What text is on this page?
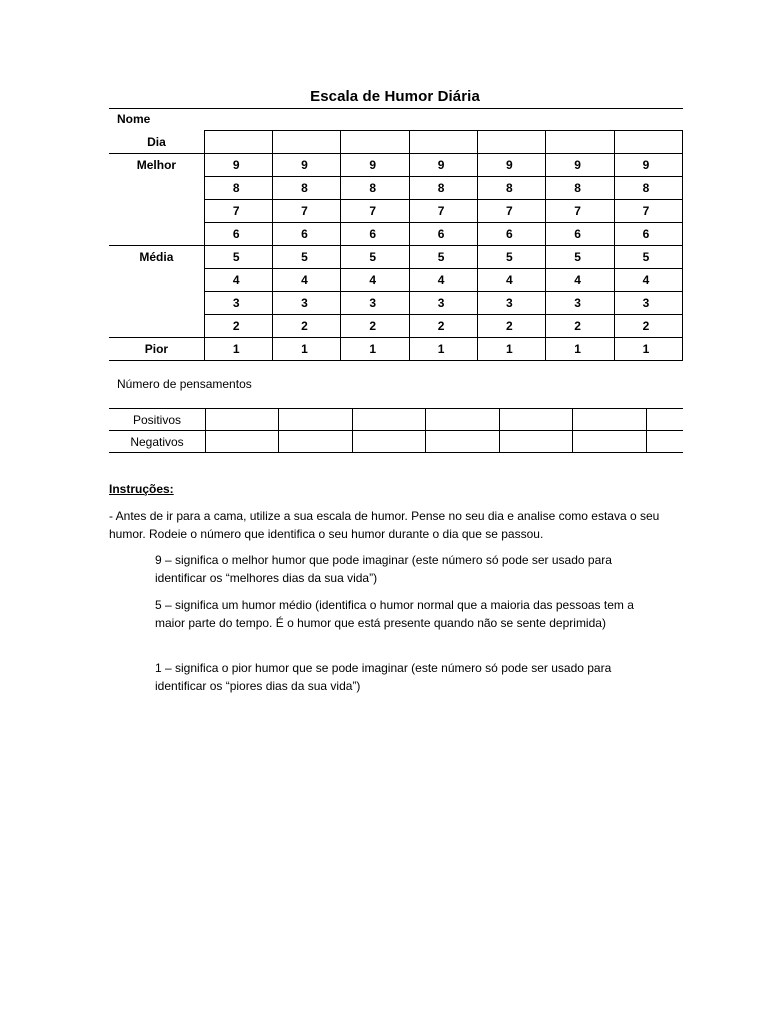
Escala de Humor Diária
Nome
Dia							
Melhor	9	9	9	9	9	9	9
	8	8	8	8	8	8	8
	7	7	7	7	7	7	7
	6	6	6	6	6	6	6
Média	5	5	5	5	5	5	5
	4	4	4	4	4	4	4
	3	3	3	3	3	3	3
	2	2	2	2	2	2	2
Pior	1	1	1	1	1	1	1
Número de pensamentos
Positivos							
Negativos							
Instruções:
- Antes de ir para a cama, utilize a sua escala de humor. Pense no seu dia e analise como estava o seu humor. Rodeie o número que identifica o seu humor durante o dia que se passou.
9 – significa o melhor humor que pode imaginar (este número só pode ser usado para identificar os “melhores dias da sua vida”)
5 – significa um humor médio (identifica o humor normal que a maioria das pessoas tem a maior parte do tempo. É o humor que está presente quando não se sente deprimida)
1 – significa o pior humor que se pode imaginar (este número só pode ser usado para identificar os “piores dias da sua vida”)
